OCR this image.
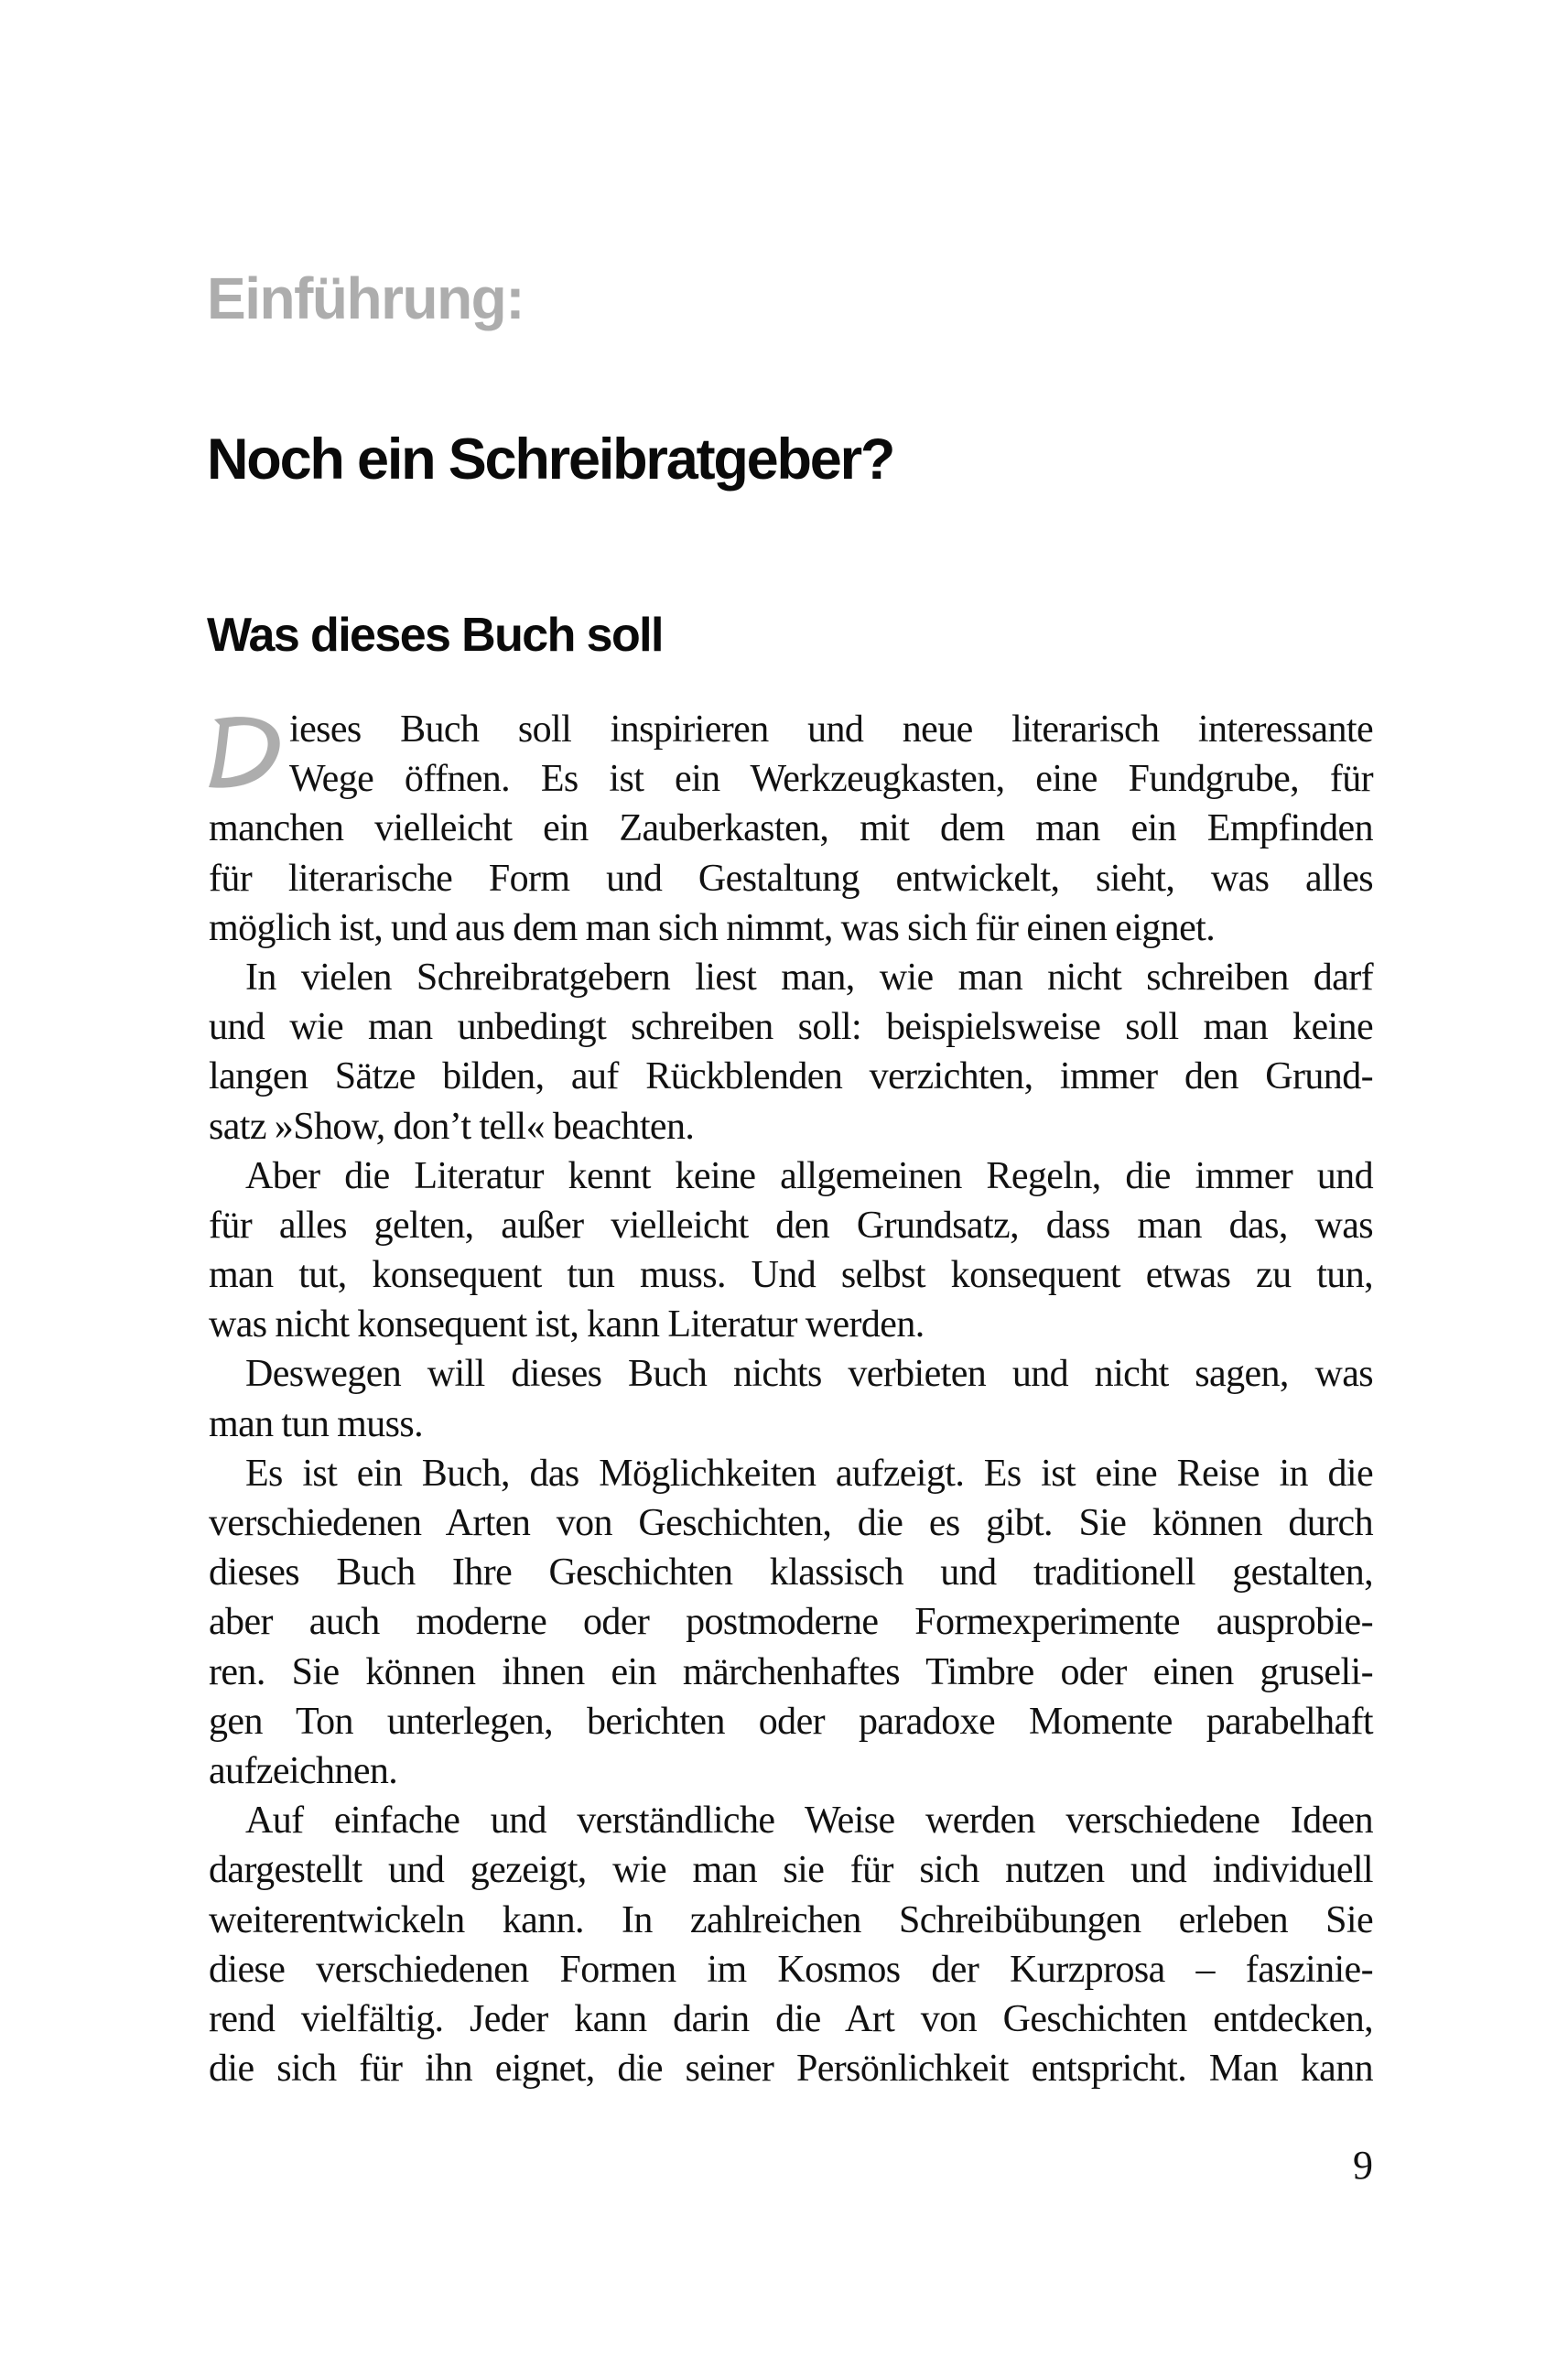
Einführung:
Noch ein Schreibratgeber?
Was dieses Buch soll
ieses Buch soll inspirieren und neue literarisch interessante
Wege öffnen. Es ist ein Werkzeugkasten, eine Fundgrube, für
manchen vielleicht ein Zauberkasten, mit dem man ein Empfinden
für literarische Form und Gestaltung entwickelt, sieht, was alles
möglich ist, und aus dem man sich nimmt, was sich für einen eignet.
In vielen Schreibratgebern liest man, wie man nicht schreiben darf
und wie man unbedingt schreiben soll: beispielsweise soll man keine
langen Sätze bilden, auf Rückblenden verzichten, immer den Grund-
satz »Show, don’t tell« beachten.
Aber die Literatur kennt keine allgemeinen Regeln, die immer und
für alles gelten, außer vielleicht den Grundsatz, dass man das, was
man tut, konsequent tun muss. Und selbst konsequent etwas zu tun,
was nicht konsequent ist, kann Literatur werden.
Deswegen will dieses Buch nichts verbieten und nicht sagen, was
man tun muss.
Es ist ein Buch, das Möglichkeiten aufzeigt. Es ist eine Reise in die
verschiedenen Arten von Geschichten, die es gibt. Sie können durch
dieses Buch Ihre Geschichten klassisch und traditionell gestalten,
aber auch moderne oder postmoderne Formexperimente ausprobie-
ren. Sie können ihnen ein märchenhaftes Timbre oder einen gruseli-
gen Ton unterlegen, berichten oder paradoxe Momente parabelhaft
aufzeichnen.
Auf einfache und verständliche Weise werden verschiedene Ideen
dargestellt und gezeigt, wie man sie für sich nutzen und individuell
weiterentwickeln kann. In zahlreichen Schreibübungen erleben Sie
diese verschiedenen Formen im Kosmos der Kurzprosa – faszinie-
rend vielfältig. Jeder kann darin die Art von Geschichten entdecken,
die sich für ihn eignet, die seiner Persönlichkeit entspricht. Man kann
9
